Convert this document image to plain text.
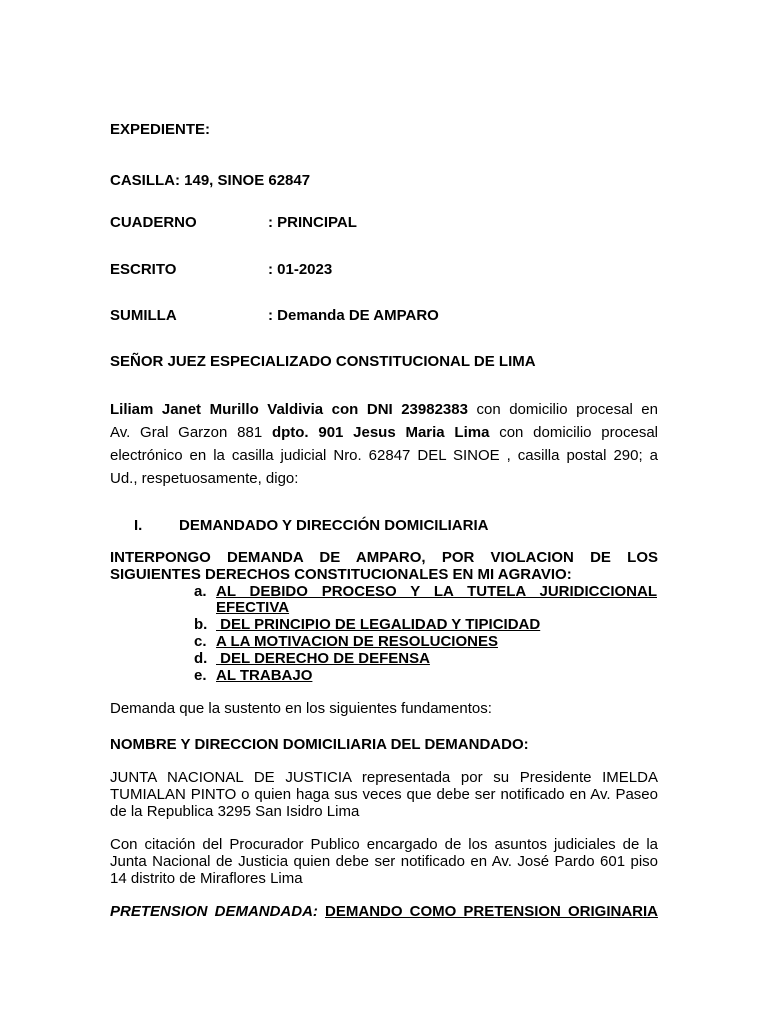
EXPEDIENTE:
CASILLA: 149, SINOE 62847
CUADERNO	: PRINCIPAL
ESCRITO	: 01-2023
SUMILLA	: Demanda DE AMPARO
SEÑOR JUEZ ESPECIALIZADO CONSTITUCIONAL DE LIMA
Liliam Janet Murillo Valdivia con DNI 23982383 con domicilio procesal en
Av. Gral Garzon 881 dpto. 901 Jesus Maria Lima con domicilio procesal
electrónico en la casilla judicial Nro. 62847 DEL SINOE , casilla postal 290; a
Ud., respetuosamente, digo:
I. DEMANDADO Y DIRECCIÓN DOMICILIARIA
INTERPONGO DEMANDA DE AMPARO, POR VIOLACION DE LOS
SIGUIENTES DERECHOS CONSTITUCIONALES EN MI AGRAVIO:
a. AL DEBIDO PROCESO Y LA TUTELA JURIDICCIONAL
EFECTIVA
b. DEL PRINCIPIO DE LEGALIDAD Y TIPICIDAD
c. A LA MOTIVACION DE RESOLUCIONES
d. DEL DERECHO DE DEFENSA
e. AL TRABAJO
Demanda que la sustento en los siguientes fundamentos:
NOMBRE Y DIRECCION DOMICILIARIA DEL DEMANDADO:
JUNTA NACIONAL DE JUSTICIA representada por su Presidente IMELDA
TUMIALAN PINTO o quien haga sus veces que debe ser notificado en Av. Paseo
de la Republica 3295 San Isidro Lima
Con citación del Procurador Publico encargado de los asuntos judiciales de la
Junta Nacional de Justicia quien debe ser notificado en Av. José Pardo 601 piso
14 distrito de Miraflores Lima
PRETENSION DEMANDADA: DEMANDO COMO PRETENSION ORIGINARIA
